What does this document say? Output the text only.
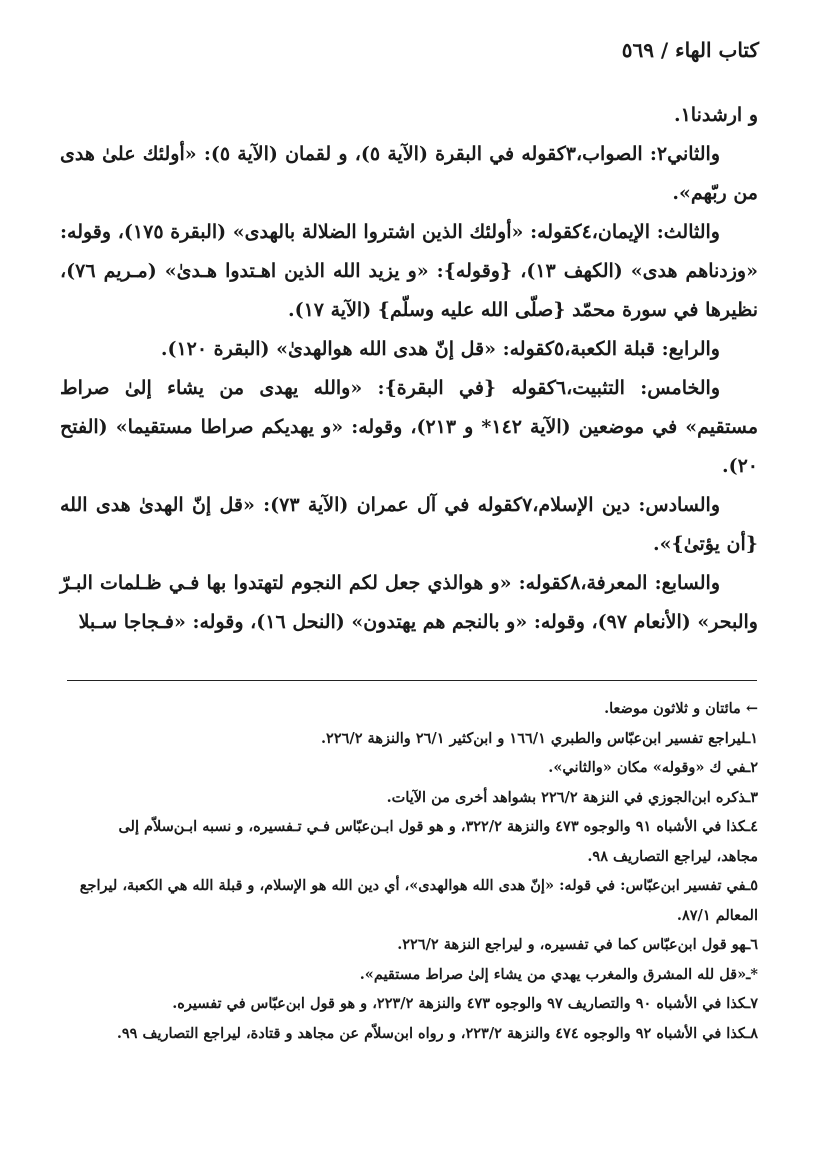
كتاب الهاء / ٥٦٩

و ارشدنا١.

والثاني٢: الصواب،٣كقوله في البقرة (الآية ٥)، و لقمان (الآية ٥): «أولئك علىٰ هدى من ربّهم».

والثالث: الإيمان،٤كقوله: «أولئك الذين اشتروا الضلالة بالهدى» (البقرة ١٧٥)، وقوله: «وزدناهم هدى» (الكهف ١٣)، {وقوله}: «و يزيد الله الذين اهـتدوا هـدىٰ» (مـريم ٧٦)، نظيرها في سورة محمّد {صلّى الله عليه وسلّم} (الآية ١٧).

والرابع: قبلة الكعبة،٥كقوله: «قل إنّ هدى الله هوالهدىٰ» (البقرة ١٢٠).

والخامس: التثبيت،٦كقوله {في البقرة}: «والله يهدى من يشاء إلىٰ صراط مستقيم» في موضعين (الآية ١٤٢* و ٢١٣)، وقوله: «و يهديكم صراطا مستقيما» (الفتح ٢٠).

والسادس: دين الإسلام،٧كقوله في آل عمران (الآية ٧٣): «قل إنّ الهدىٰ هدى الله {أن يؤتىٰ}».

والسابع: المعرفة،٨كقوله: «و هوالذي جعل لكم النجوم لتهتدوا بها فـي ظـلمات البـرّ والبحر» (الأنعام ٩٧)، وقوله: «و بالنجم هم يهتدون» (النحل ١٦)، وقوله: «فـجاجا سـبلا

← مائتان و ثلاثون موضعا.

١ـليراجع تفسير ابن‌عبّاس والطبري ١٦٦/١ و ابن‌كثير ٢٦/١ والنزهة ٢٢٦/٢.

٢ـفي ك «وقوله» مكان «والثاني».

٣ـذكره ابن‌الجوزي في النزهة ٢٢٦/٢ بشواهد أخرى من الآيات.

٤ـكذا في الأشباه ٩١ والوجوه ٤٧٣ والنزهة ٣٢٢/٢، و هو قول ابـن‌عبّاس فـي تـفسيره، و نسبه ابـن‌سلاّم إلى

مجاهد، ليراجع التصاريف ٩٨.

٥ـفي تفسير ابن‌عبّاس: في قوله: «إنّ هدى الله هوالهدى»، أي دين الله هو الإسلام، و قبلة الله هي الكعبة، ليراجع

المعالم ٨٧/١.

٦ـهو قول ابن‌عبّاس كما في تفسيره، و ليراجع النزهة ٢٢٦/٢.

*ـ«قل لله المشرق والمغرب يهدي من يشاء إلىٰ صراط مستقيم».

٧ـكذا في الأشباه ٩٠ والتصاريف ٩٧ والوجوه ٤٧٣ والنزهة ٢٢٣/٢، و هو قول ابن‌عبّاس في تفسيره.

٨ـكذا في الأشباه ٩٢ والوجوه ٤٧٤ والنزهة ٢٢٣/٢، و رواه ابن‌سلاّم عن مجاهد و قتادة، ليراجع التصاريف ٩٩.
